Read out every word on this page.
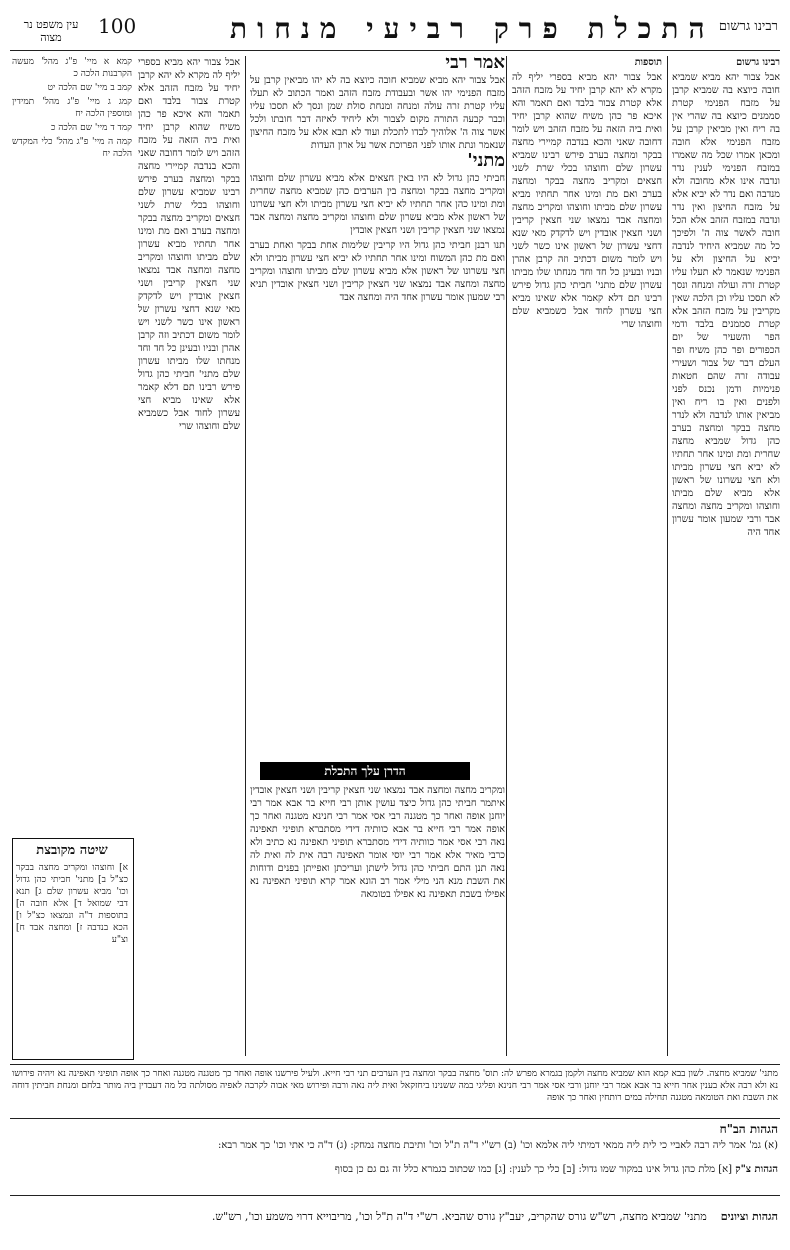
עין משפט נר מצוה	100	התכלת פרק רביעי מנחות רבינו גרשום

רבינו גרשום

אבל צבור יהא מביא שמביא חובה כיוצא בה שמביא קרבן על מזבח הפנימי קטרת סממנים כיוצא בה שהרי אין בה ריח ואין מביאין קרבן על מזבח הפנימי אלא חובה ומכאן אמרו שכל מה שאמרו במזבח הפנימי לענין נדר ונדבה אינו אלא מחובה ולא מנדבה ואם נדר לא יביא אלא על מזבח החיצון ואין נדר ונדבה במזבח הזהב אלא הכל חובה לאשר צוה ה' ולפיכך כל מה שמביא היחיד לנדבה יביא על החיצון ולא על הפנימי שנאמר לא תעלו עליו קטרת זרה ועולה ומנחה ונסך לא תסכו עליו וכן הלכה שאין מקריבין על מזבח הזהב אלא קטרת סממנים בלבד ודמי הפר והשעיר של יום הכפורים ופר כהן משיח ופר העלם דבר של צבור ושעירי עבודה זרה שהם חטאות פנימיות ודמן נכנס לפני ולפנים ואין בו ריח ואין מביאין אותו לנדבה ולא לנדר מחצה בבקר ומחצה בערב כהן גדול שמביא מחצה שחרית ומת ומינו אחר תחתיו לא יביא חצי עשרון מביתו ולא חצי עשרונו של ראשון אלא מביא שלם מביתו וחוצהו ומקריב מחצה ומחצה אבד ורבי שמעון אומר עשרון אחד היה

תוספות

אבל צבור יהא מביא בספרי יליף לה מקרא לא יהא קרבן יחיד על מזבח הזהב אלא קטרת צבור בלבד ואם תאמר והא איכא פר כהן משיח שהוא קרבן יחיד ואית ביה הזאה על מזבח הזהב ויש לומר דחובה שאני והכא בנדבה קמיירי מחצה בבקר ומחצה בערב פירש רבינו שמביא עשרון שלם וחוצהו בכלי שרת לשני חצאים ומקריב מחצה בבקר ומחצה בערב ואם מת ומינו אחר תחתיו מביא עשרון שלם מביתו וחוצהו ומקריב מחצה ומחצה אבד נמצאו שני חצאין קריבין ושני חצאין אובדין ויש לדקדק מאי שנא דחצי עשרון של ראשון אינו כשר לשני ויש לומר משום דכתיב וזה קרבן אהרן ובניו ובעינן כל חד וחד מנחתו שלו מביתו עשרון שלם מתני' חביתי כהן גדול פירש רבינו תם דלא קאמר אלא שאינו מביא חצי עשרון לחוד אבל כשמביא שלם וחוצהו שרי

אמר רבי

אבל צבור יהא מביא שמביא חובה כיוצא בה לא יהו מביאין קרבן על מזבח הפנימי יהו אשר ובעבודת מזבח הזהב ואמר הכתוב לא תעלו עליו קטרת זרה עולה ומנחה ומנחת סולת שמן ונסך לא תסכו עליו וכבר קבעה התורה מקום לצבור ולא ליחיד לאיזה דבר חובתו ולכל אשר צוה ה' אלוהיך לבדו לתכלת ועוד לא תבא אלא על מזבח החיצון שנאמר ונתת אותו לפני הפרוכת אשר על ארון העדות

מתני'

חביתי כהן גדול לא היו באין חצאים אלא מביא עשרון שלם וחוצהו ומקריב מחצה בבקר ומחצה בין הערבים כהן שמביא מחצה שחרית ומת ומינו כהן אחר תחתיו לא יביא חצי עשרון מביתו ולא חצי עשרונו של ראשון אלא מביא עשרון שלם וחוצהו ומקריב מחצה ומחצה אבד נמצאו שני חצאין קריבין ושני חצאין אובדין

תנו רבנן חביתי כהן גדול היו קריבין שלימות אחת בבקר ואחת בערב ואם מת כהן המשוח ומינו אחר תחתיו לא יביא חצי עשרון מביתו ולא חצי עשרונו של ראשון אלא מביא עשרון שלם מביתו וחוצהו ומקריב מחצה ומחצה אבד נמצאו שני חצאין קריבין ושני חצאין אובדין תניא רבי שמעון אומר עשרון אחד היה ומחצה אבד

הדרן עלך התכלת

ומקריב מחצה ומחצה אבד נמצאו שני חצאין קריבין ושני חצאין אובדין איתמר חביתי כהן גדול כיצד עושין אותן רבי חייא בר אבא אמר רבי יוחנן אופה ואחר כך מטגנה רבי אסי אמר רבי חנינא מטגנה ואחר כך אופה אמר רבי חייא בר אבא כוותיה דידי מסתברא תופיני תאפינה נאה רבי אסי אמר כוותיה דידי מסתברא תופיני תאפינה נא כתיב ולא כרבי מאיר אלא אמר רבי יוסי אומר תאפינה רבה אית לה ואית לה נאה תנן התם חביתי כהן גדול לישתן ועריכתן ואפייתן בפנים ודוחות את השבת מנא הני מילי אמר רב הונא אמר קרא תופיני תאפינה נא אפילו בשבת תאפינה נא אפילו בטומאה

קמא א מיי' פ"ג מהל' מעשה הקרבנות הלכה כ

קמב ב מיי' שם הלכה יט

קמג ג מיי' פ"ג מהל' תמידין ומוספין הלכה יח

קמד ד מיי' שם הלכה כ

קמה ה מיי' פ"ג מהל' כלי המקדש הלכה יח

אבל צבור יהא מביא בספרי יליף לה מקרא לא יהא קרבן יחיד על מזבח הזהב אלא קטרת צבור בלבד ואם תאמר והא איכא פר כהן משיח שהוא קרבן יחיד ואית ביה הזאה על מזבח הזהב ויש לומר דחובה שאני והכא בנדבה קמיירי מחצה בבקר ומחצה בערב פירש רבינו שמביא עשרון שלם וחוצהו בכלי שרת לשני חצאים ומקריב מחצה בבקר ומחצה בערב ואם מת ומינו אחר תחתיו מביא עשרון שלם מביתו וחוצהו ומקריב מחצה ומחצה אבד נמצאו שני חצאין קריבין ושני חצאין אובדין ויש לדקדק מאי שנא דחצי עשרון של ראשון אינו כשר לשני ויש לומר משום דכתיב וזה קרבן אהרן ובניו ובעינן כל חד וחד מנחתו שלו מביתו עשרון שלם מתני' חביתי כהן גדול פירש רבינו תם דלא קאמר אלא שאינו מביא חצי עשרון לחוד אבל כשמביא שלם וחוצהו שרי

שיטה מקובצת
א] וחוצהו ומקריב מחצה בבקר כצ"ל ב] מתני' חביתי כהן גדול וכו' מביא עשרון שלם ג] תנא דבי שמואל ד] אלא חובה ה] בתוספות ד"ה ונמצאו כצ"ל ו] הכא בנדבה ז] ומחצה אבד ח] וצ"ע
מתני' שמביא מחצה. לשון בבא קמא הוא שמביא מחצה ולקמן בגמרא מפרש לה: תוס' מחצה בבקר ומחצה בין הערבים תני רבי חייא. ולעיל פירשנו אופה ואחר כך מטגנה מטגנה ואחר כך אופה תופיני תאפינה נא ויהיה פירושו נא ולא רבה אלא בענין אחר חייא בר אבא אמר רבי יוחנן ורבי אסי אמר רבי חנינא ופליגי במה ששנינו ביחזקאל ואית ליה נאה ורבה ופירוש מאי אבוה לקרבה לאפיה מסולתה כל מה דעבדין ביה מותר בלחם ומנחת חביתין דוחה את השבת ואת הטומאה מטגנה תחילה במים רותחין ואחר כך אופה
הגהות הב"ח
(א) גמ' אמר ליה רבה לאביי כי לית ליה ממאי דמיתי ליה אלמא וכו' (ב) רש"י ד"ה ת"ל וכו' ותיבת מחצה נמחק: (ג) ד"ה כי אתי וכו' כך אמר רבא:
הגהות צ"ק [א] מלת כהן גדול אינו במקור שמו גדול: [ב] כלי כך לענין: [ג] כמו שכתוב בגמרא כלל זה גם גם כן בסוף
הגהות וציונים    מתני' שמביא מחצה, רש"ש גורס שהקריב, יעב"ץ גורס שהביא. רש"י ד"ה ת"ל וכו', מריבוייא דרוי משמע וכו', רש"ש.
